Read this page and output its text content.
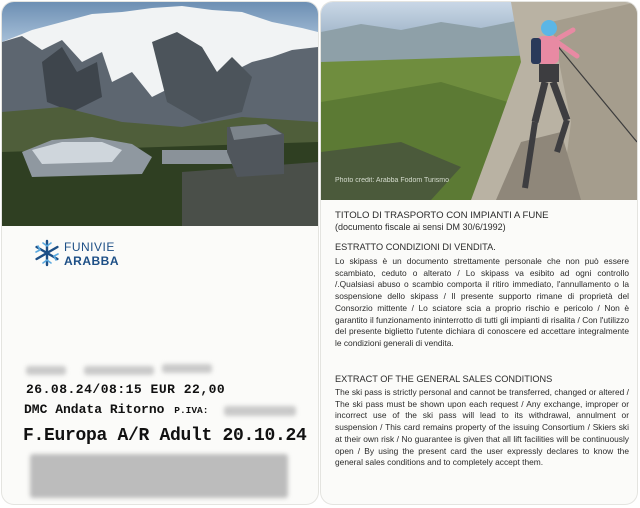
FUNIVIE
ARABBA
26.08.24/08:15 EUR 22,00
DMC Andata Ritorno P.IVA:
F.Europa A/R Adult 20.10.24
Photo credit: Arabba Fodom Turismo
TITOLO DI TRASPORTO CON IMPIANTI A FUNE
(documento fiscale ai sensi DM 30/6/1992)
ESTRATTO CONDIZIONI DI VENDITA.

Lo skipass è un documento strettamente personale che non può essere scambiato, ceduto o alterato / Lo skipass va esibito ad ogni controllo /.Qualsiasi abuso o scambio comporta il ritiro immediato, l'annullamento o la sospensione dello skipass / Il presente supporto rimane di proprietà del Consorzio mittente / Lo sciatore scia a proprio rischio e pericolo / Non è garantito il funzionamento ininterrotto di tutti gli impianti di risalita / Con l'utilizzo del presente biglietto l'utente dichiara di conoscere ed accettare integralmente le condizioni generali di vendita.

EXTRACT OF THE GENERAL SALES CONDITIONS

The ski pass is strictly personal and cannot be transferred, changed or altered / The ski pass must be shown upon each request / Any exchange, improper or incorrect use of the ski pass will lead to its withdrawal, annulment or suspension / This card remains property of the issuing Consortium / Skiers ski at their own risk / No guarantee is given that all lift facilities will be continuously open / By using the present card the user expressly declares to know the general sales conditions and to completely accept them.
